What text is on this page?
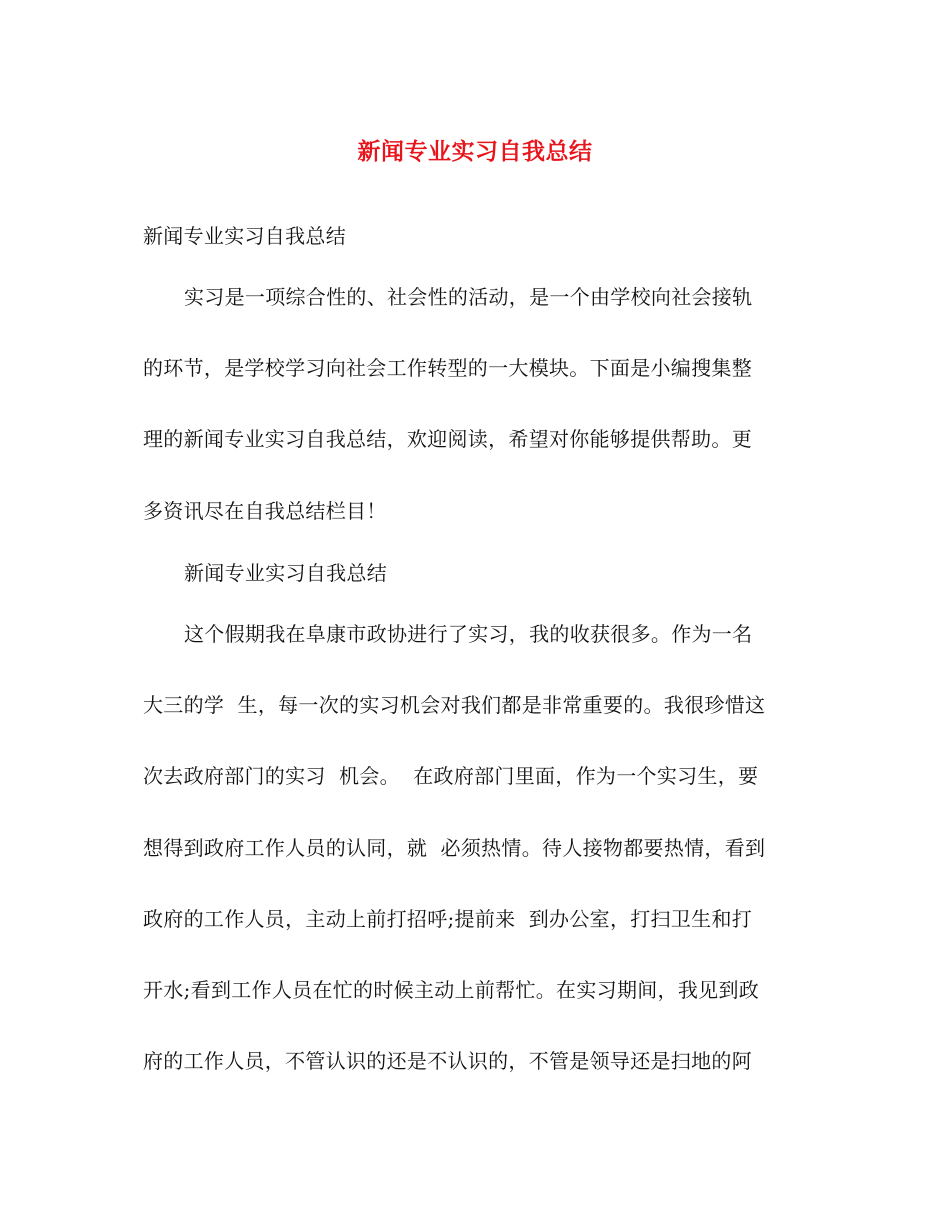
新闻专业实习自我总结
新闻专业实习自我总结
实习是一项综合性的、社会性的活动，是一个由学校向社会接轨
的环节，是学校学习向社会工作转型的一大模块。下面是小编搜集整
理的新闻专业实习自我总结，欢迎阅读，希望对你能够提供帮助。更
多资讯尽在自我总结栏目！
新闻专业实习自我总结
这个假期我在阜康市政协进行了实习，我的收获很多。作为一名
大三的学  生，每一次的实习机会对我们都是非常重要的。我很珍惜这
次去政府部门的实习  机会。  在政府部门里面，作为一个实习生，要
想得到政府工作人员的认同，就  必须热情。待人接物都要热情，看到
政府的工作人员，主动上前打招呼;提前来  到办公室，打扫卫生和打
开水;看到工作人员在忙的时候主动上前帮忙。在实习期间，我见到政
府的工作人员，不管认识的还是不认识的，不管是领导还是扫地的阿
